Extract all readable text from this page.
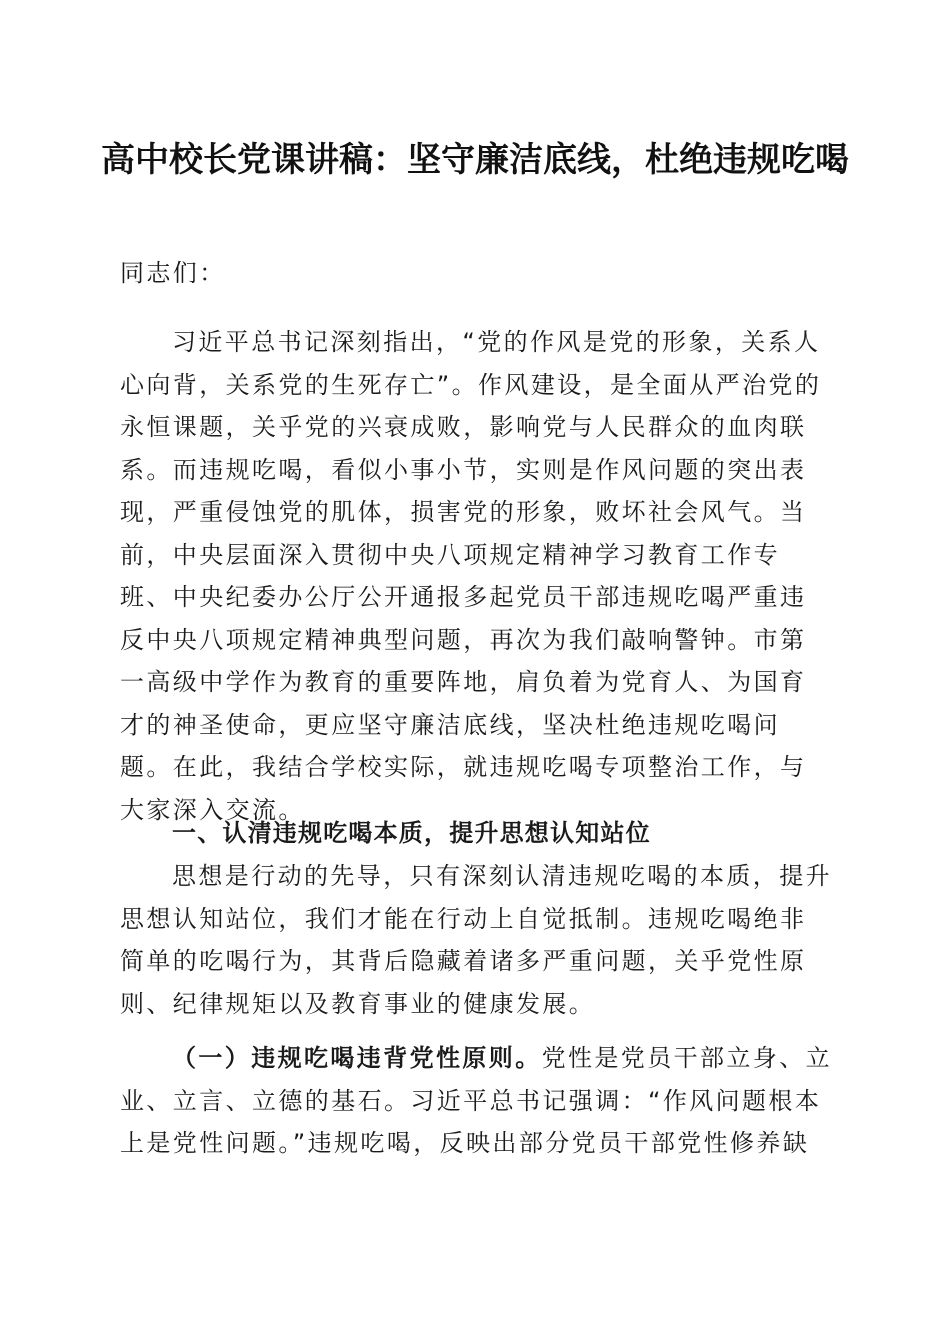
高中校长党课讲稿：坚守廉洁底线，杜绝违规吃喝
同志们：
习近平总书记深刻指出，“党的作风是党的形象，关系人心向背，关系党的生死存亡”。作风建设，是全面从严治党的永恒课题，关乎党的兴衰成败，影响党与人民群众的血肉联系。而违规吃喝，看似小事小节，实则是作风问题的突出表现，严重侵蚀党的肌体，损害党的形象，败坏社会风气。当前，中央层面深入贯彻中央八项规定精神学习教育工作专班、中央纪委办公厅公开通报多起党员干部违规吃喝严重违反中央八项规定精神典型问题，再次为我们敲响警钟。市第一高级中学作为教育的重要阵地，肩负着为党育人、为国育才的神圣使命，更应坚守廉洁底线，坚决杜绝违规吃喝问题。在此，我结合学校实际，就违规吃喝专项整治工作，与大家深入交流。
一、认清违规吃喝本质，提升思想认知站位
思想是行动的先导，只有深刻认清违规吃喝的本质，提升思想认知站位，我们才能在行动上自觉抵制。违规吃喝绝非简单的吃喝行为，其背后隐藏着诸多严重问题，关乎党性原则、纪律规矩以及教育事业的健康发展。
（一）违规吃喝违背党性原则。党性是党员干部立身、立业、立言、立德的基石。习近平总书记强调：“作风问题根本上是党性问题。”违规吃喝，反映出部分党员干部党性修养缺
